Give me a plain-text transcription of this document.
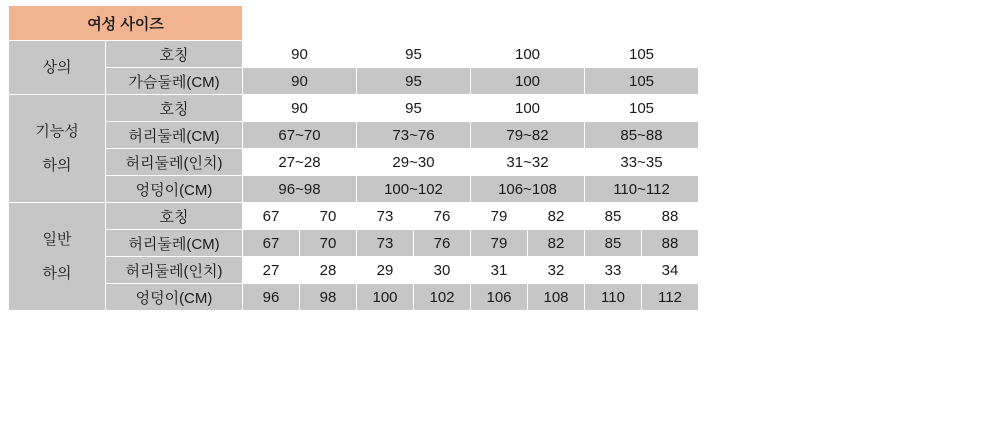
여성 사이즈									

상의	호칭	90		95		100		105	
	가슴둘레(CM)	90		95		100		105	

기능성
하의	호칭	90		95		100		105	
	허리둘레(CM)	67~70		73~76		79~82		85~88	
	허리둘레(인치)	27~28		29~30		31~32		33~35	
	엉덩이(CM)	96~98		100~102		106~108		110~112	

일반
하의	호칭	67	70	73	76	79	82	85	88
	허리둘레(CM)	67	70	73	76	79	82	85	88
	허리둘레(인치)	27	28	29	30	31	32	33	34
	엉덩이(CM)	96	98	100	102	106	108	110	112
